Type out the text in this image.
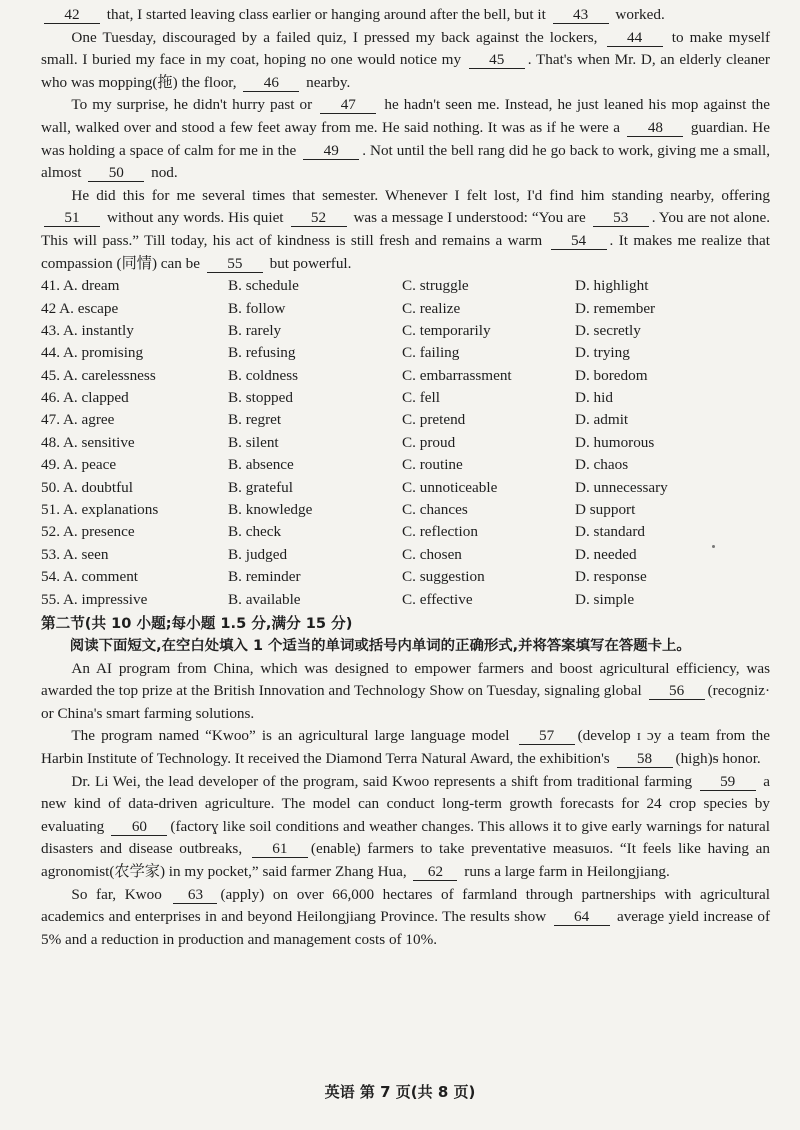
42 that, I started leaving class earlier or hanging around after the bell, but it 43 worked.

One Tuesday, discouraged by a failed quiz, I pressed my back against the lockers, 44 to make myself small. I buried my face in my coat, hoping no one would notice my 45 . That's when Mr. D, an elderly cleaner who was mopping(拖) the floor, 46 nearby.

To my surprise, he didn't hurry past or 47 he hadn't seen me. Instead, he just leaned his mop against the wall, walked over and stood a few feet away from me. He said nothing. It was as if he were a 48 guardian. He was holding a space of calm for me in the 49 . Not until the bell rang did he go back to work, giving me a small, almost 50 nod.

He did this for me several times that semester. Whenever I felt lost, I'd find him standing nearby, offering 51 without any words. His quiet 52 was a message I understood: “You are 53 . You are not alone. This will pass.” Till today, his act of kindness is still fresh and remains a warm 54 . It makes me realize that compassion (同情) can be 55 but powerful.

41. A. dream	B. schedule	C. struggle	D. highlight
42 A. escape	B. follow	C. realize	D. remember
43. A. instantly	B. rarely	C. temporarily	D. secretly
44. A. promising	B. refusing	C. failing	D. trying
45. A. carelessness	B. coldness	C. embarrassment	D. boredom
46. A. clapped	B. stopped	C. fell	D. hid
47. A. agree	B. regret	C. pretend	D. admit
48. A. sensitive	B. silent	C. proud	D. humorous
49. A. peace	B. absence	C. routine	D. chaos
50. A. doubtful	B. grateful	C. unnoticeable	D. unnecessary
51. A. explanations	B. knowledge	C. chances	D support
52. A. presence	B. check	C. reflection	D. standard
53. A. seen	B. judged	C. chosen	D. needed
54. A. comment	B. reminder	C. suggestion	D. response
55. A. impressive	B. available	C. effective	D. simple
第二节(共 10 小题;每小题 1.5 分,满分 15 分)

阅读下面短文,在空白处填入 1 个适当的单词或括号内单词的正确形式,并将答案填写在答题卡上。

An AI program from China, which was designed to empower farmers and boost agricultural efficiency, was awarded the top prize at the British Innovation and Technology Show on Tuesday, signaling global 56 (recogniz· or China's smart farming solutions.

The program named “Kwoo” is an agricultural large language model 57 (develop ɪ ɔy a team from the Harbin Institute of Technology. It received the Diamond Terra Natural Award, the exhibition's 58 (high)ᵴ honor.

Dr. Li Wei, the lead developer of the program, said Kwoo represents a shift from traditional farming 59 a new kind of data-driven agriculture. The model can conduct long-term growth forecasts for 24 crop species by evaluating 60 (factorɣ like soil conditions and weather changes. This allows it to give early warnings for natural disasters and disease outbreaks, 61 (enableͅ) farmers to take preventative measuɪos. “It feels like having an agronomist(农学家) in my pocket,” said farmer Zhang Hua, 62 runs a large farm in Heilongjiang.

So far, Kwoo 63 (apply) on over 66,000 hectares of farmland through partnerships with agricultural academics and enterprises in and beyond Heilongjiang Province. The results show 64 average yield increase of 5% and a reduction in production and management costs of 10%.

英语 第 7 页(共 8 页)
